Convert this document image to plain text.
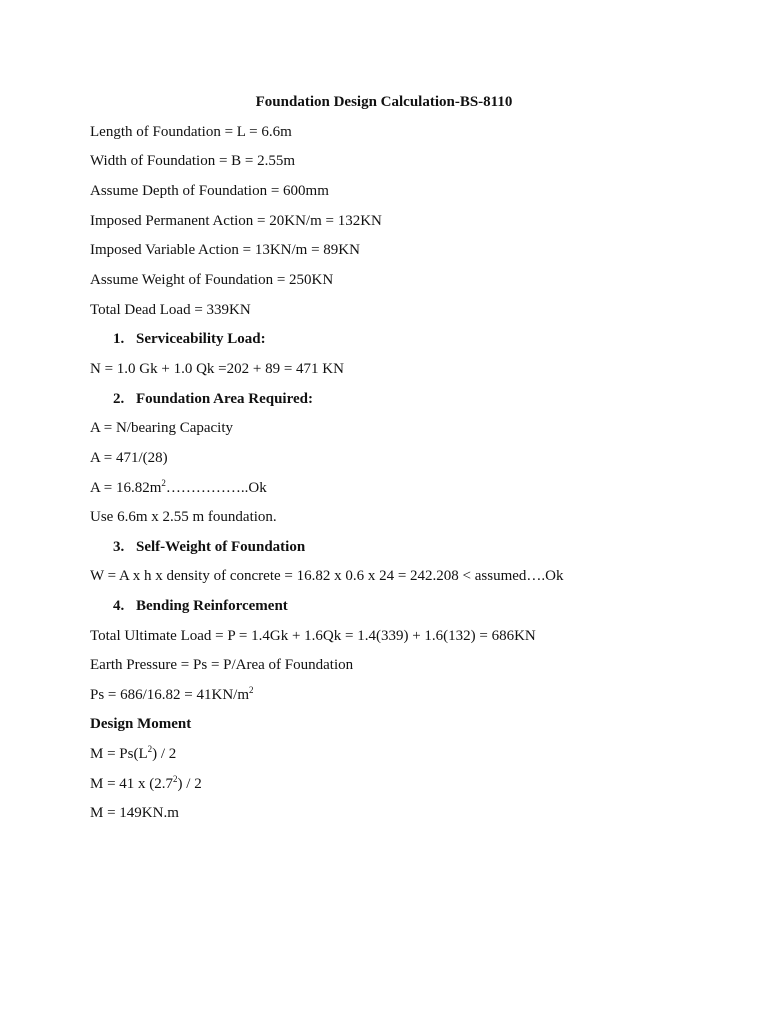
Foundation Design Calculation-BS-8110
Length of Foundation = L = 6.6m
Width of Foundation = B = 2.55m
Assume Depth of Foundation = 600mm
Imposed Permanent Action = 20KN/m = 132KN
Imposed Variable Action = 13KN/m = 89KN
Assume Weight of Foundation = 250KN
Total Dead Load = 339KN
1. Serviceability Load:
N = 1.0 Gk + 1.0 Qk =202 + 89 = 471 KN
2. Foundation Area Required:
A = N/bearing Capacity
A = 471/(28)
$A = 16.82m^2\dots\dots\dots\dots\dots..Ok$
Use 6.6m x 2.55 m foundation.
3. Self-Weight of Foundation
W = A x h x density of concrete = 16.82 x 0.6 x 24 = 242.208 < assumed….Ok
4. Bending Reinforcement
Total Ultimate Load = P = 1.4Gk + 1.6Qk = 1.4(339) + 1.6(132) = 686KN
Earth Pressure = Ps = P/Area of Foundation
$Ps = 686/16.82 = 41KN/m^2$
Design Moment
$M = Ps(L^2) / 2$
M = 41 x $(2.7^2) / 2$
M = 149KN.m
